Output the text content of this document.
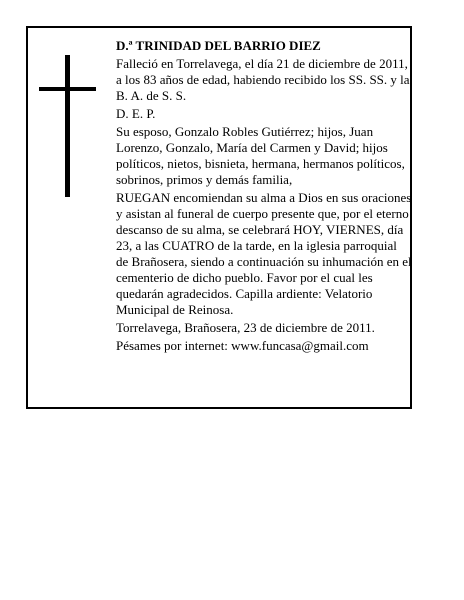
D.ª TRINIDAD DEL BARRIO DIEZ

Falleció en Torrelavega, el día 21 de diciembre de 2011, a los 83 años de edad, habiendo recibido los SS. SS. y la B. A. de S. S.

D. E. P.

Su esposo, Gonzalo Robles Gutiérrez; hijos, Juan Lorenzo, Gonzalo, María del Carmen y David; hijos políticos, nietos, bisnieta, hermana, hermanos políticos, sobrinos, primos y demás familia,

RUEGAN encomiendan su alma a Dios en sus oraciones y asistan al funeral de cuerpo presente que, por el eterno descanso de su alma, se celebrará HOY, VIERNES, día 23, a las CUATRO de la tarde, en la iglesia parroquial de Brañosera, siendo a continuación su inhumación en el cementerio de dicho pueblo. Favor por el cual les quedarán agradecidos. Capilla ardiente: Velatorio Municipal de Reinosa.

Torrelavega, Brañosera, 23 de diciembre de 2011.

Pésames por internet: www.funcasa@gmail.com
